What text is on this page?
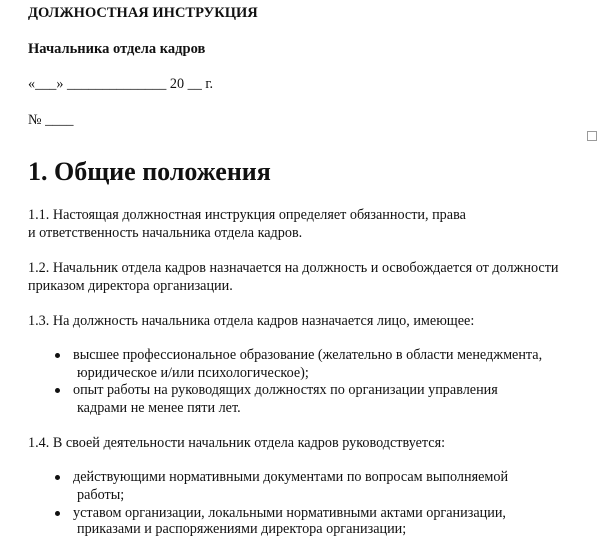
ДОЛЖНОСТНАЯ ИНСТРУКЦИЯ
Начальника отдела кадров
«___» ______________ 20 __ г.
№ ____
1. Общие положения
1.1. Настоящая должностная инструкция определяет обязанности, права
и ответственность начальника отдела кадров.
1.2. Начальник отдела кадров назначается на должность и освобождается от должности
приказом директора организации.
1.3. На должность начальника отдела кадров назначается лицо, имеющее:
высшее профессиональное образование (желательно в области менеджмента,
юридическое и/или психологическое);
опыт работы на руководящих должностях по организации управления
кадрами не менее пяти лет.
1.4. В своей деятельности начальник отдела кадров руководствуется:
действующими нормативными документами по вопросам выполняемой
работы;
уставом организации, локальными нормативными актами организации,
приказами и распоряжениями директора организации;
